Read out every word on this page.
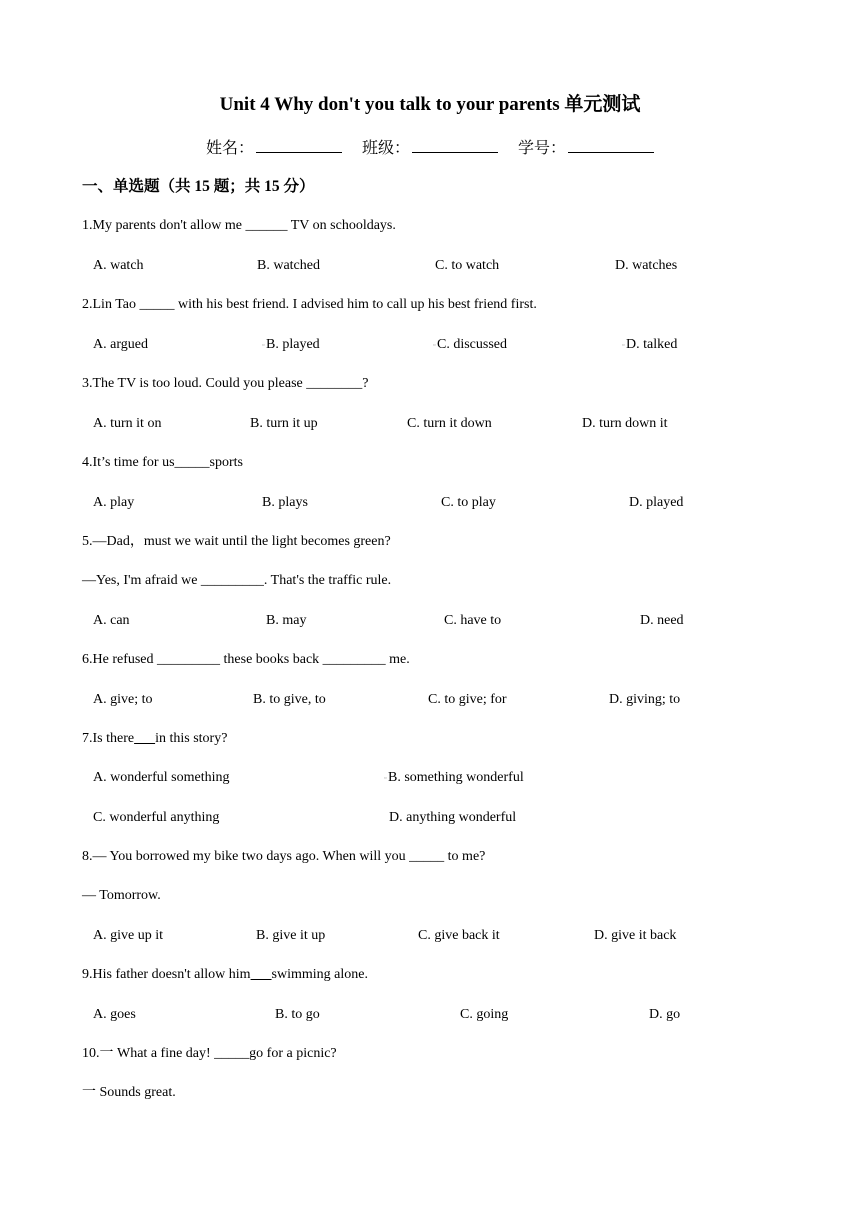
Unit 4 Why don't you talk to your parents 单元测试
姓名：	班级：	学号：
一、单选题（共 15 题；共 15 分）
1.My parents don't allow me ______ TV on schooldays.
A. watch	B. watched	C. to watch	D. watches
2.Lin Tao _____ with his best friend. I advised him to call up his best friend first.
A. argued	▫ B. played	▫ C. discussed	▫ D. talked
3.The TV is too loud. Could you please ________?
A. turn it on	B. turn it up	C. turn it down	D. turn down it
4.It’s time for us_____sports
A. play	B. plays	C. to play	D. played
5.—Dad，must we wait until the light becomes green?
—Yes, I'm afraid we _________. That's the traffic rule.
A. can	B. may	C. have to	D. need
6.He refused _________ these books back _________ me.
A. give; to	B. to give, to	C. to give; for	D. giving; to
7.Is there in this story?
A. wonderful something	▫ B. something wonderful
C. wonderful anything	D. anything wonderful
8.— You borrowed my bike two days ago. When will you _____ to me?
— Tomorrow.
A. give up it	B. give it up	C. give back it	D. give it back
9.His father doesn't allow him swimming alone.
A. goes	B. to go	C. going	D. go
10.一 What a fine day! _____go for a picnic?
一 Sounds great.
